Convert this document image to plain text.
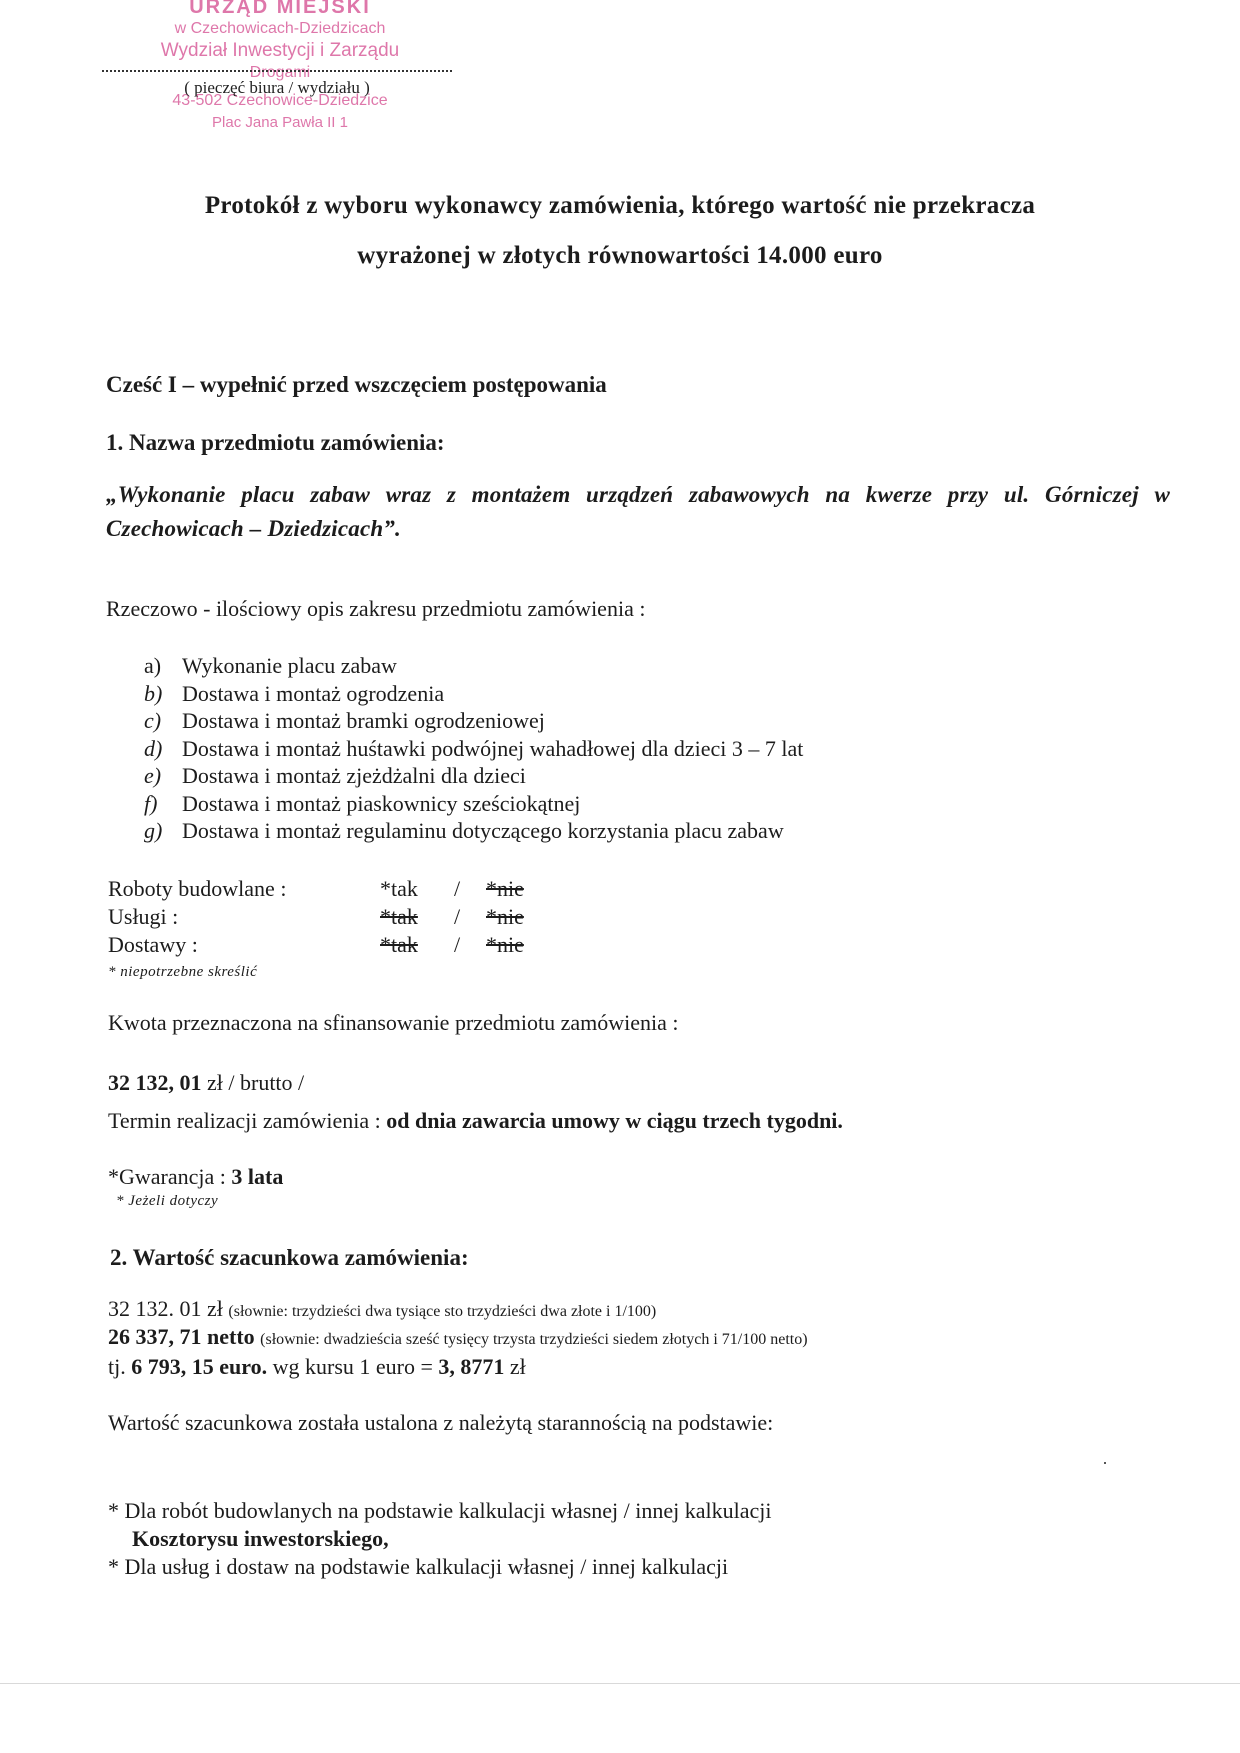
URZĄD MIEJSKI
w Czechowicach-Dziedzicach
Wydział Inwestycji i Zarządu
Drogami
43-502 Czechowice-Dziedzice
Plac Jana Pawła II 1
( pieczęć biura / wydziału )
Protokół z wyboru wykonawcy zamówienia, którego wartość nie przekracza
wyrażonej w złotych równowartości 14.000 euro
Cześć I – wypełnić przed wszczęciem postępowania
1. Nazwa przedmiotu zamówienia:
„Wykonanie placu zabaw wraz z montażem urządzeń zabawowych na kwerze przy ul. Górniczej w Czechowicach – Dziedzicach”.
Rzeczowo - ilościowy opis zakresu przedmiotu zamówienia :
a) Wykonanie placu zabaw
b) Dostawa i montaż ogrodzenia
c) Dostawa i montaż bramki ogrodzeniowej
d) Dostawa i montaż huśtawki podwójnej wahadłowej dla dzieci 3 – 7 lat
e) Dostawa i montaż zjeżdżalni dla dzieci
f) Dostawa i montaż piaskownicy sześciokątnej
g) Dostawa i montaż regulaminu dotyczącego korzystania placu zabaw
Roboty budowlane :	*tak / *nie
Usługi :	*tak / *nie
Dostawy :	*tak / *nie
* niepotrzebne skreślić
Kwota przeznaczona na sfinansowanie przedmiotu zamówienia :
32 132, 01 zł / brutto /
Termin realizacji zamówienia : od dnia zawarcia umowy w ciągu trzech tygodni.
*Gwarancja : 3 lata
* Jeżeli dotyczy
2. Wartość szacunkowa zamówienia:
32 132. 01 zł (słownie: trzydzieści dwa tysiące sto trzydzieści dwa złote i 1/100)
26 337, 71 netto (słownie: dwadzieścia sześć tysięcy trzysta trzydzieści siedem złotych i 71/100 netto)
tj. 6 793, 15 euro. wg kursu 1 euro = 3, 8771 zł
Wartość szacunkowa została ustalona z należytą starannością na podstawie:
* Dla robót budowlanych na podstawie kalkulacji własnej / innej kalkulacji
Kosztorysu inwestorskiego,
* Dla usług i dostaw na podstawie kalkulacji własnej / innej kalkulacji
